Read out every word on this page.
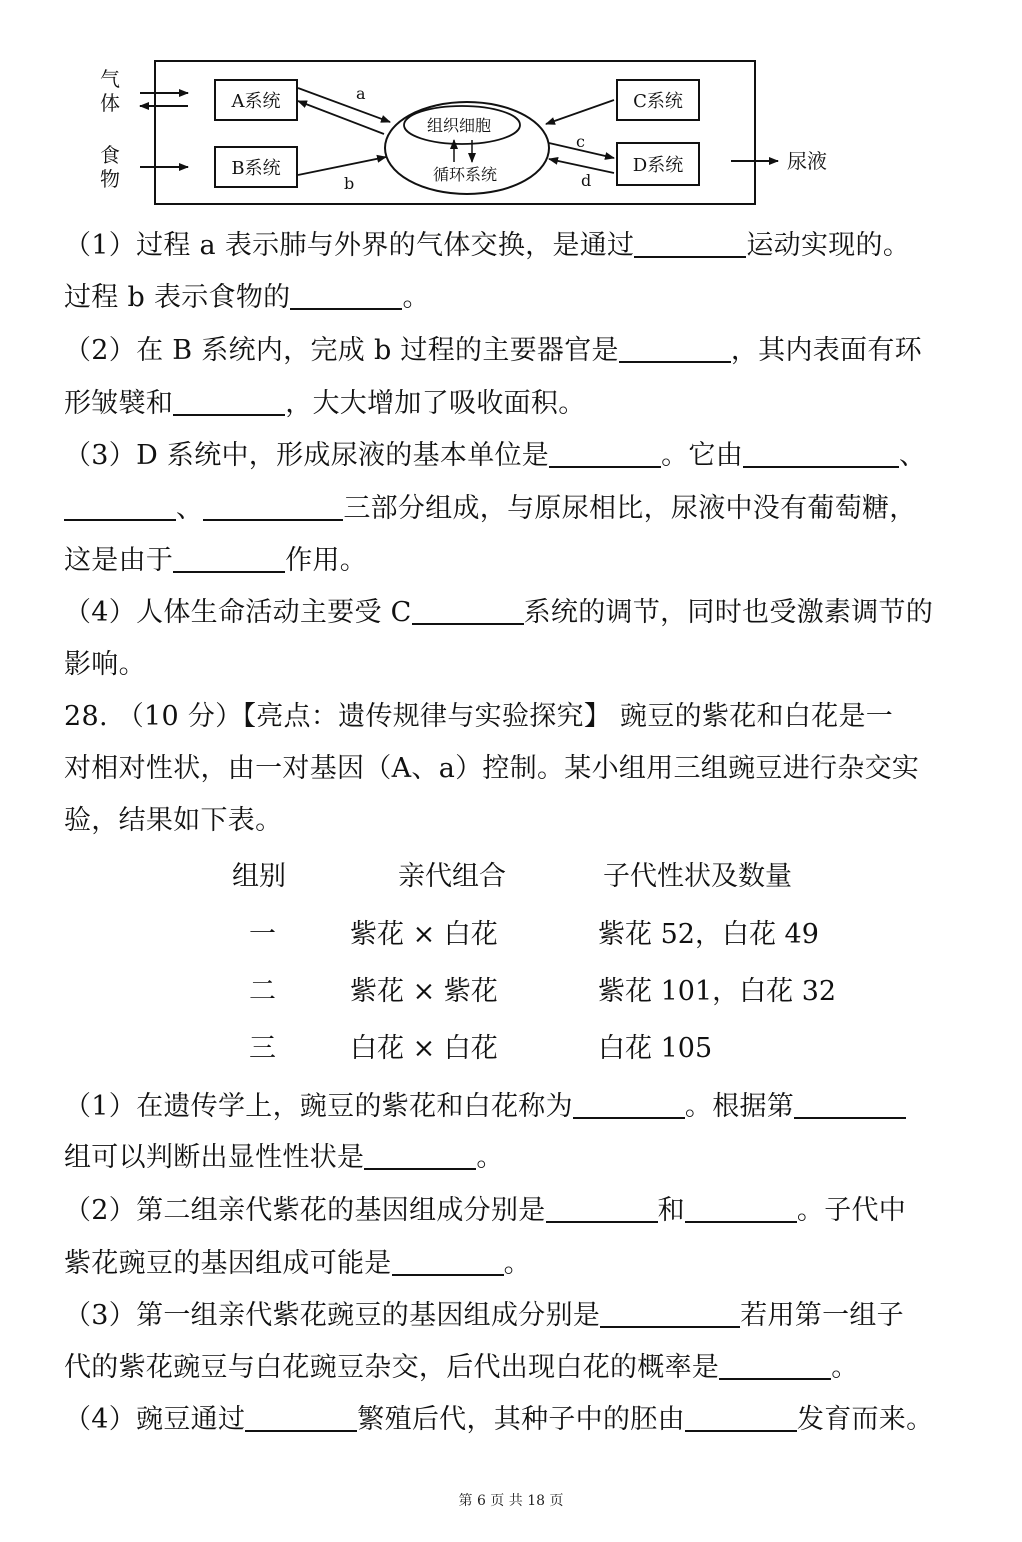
气
体
食
物
A系统
B系统
C系统
D系统
组织细胞
循环系统
a
b
c
d
尿液
（1）过程 a 表示肺与外界的气体交换，是通过	运动实现的。
过程 b 表示食物的	。
（2）在 B 系统内，完成 b 过程的主要器官是	，其内表面有环
形皱襞和	，大大增加了吸收面积。
（3）D 系统中，形成尿液的基本单位是	。它由	、
、	三部分组成，与原尿相比，尿液中没有葡萄糖，
这是由于	作用。
（4）人体生命活动主要受 C	系统的调节，同时也受激素调节的
影响。
28. （10 分）【亮点：遗传规律与实验探究】 豌豆的紫花和白花是一
对相对性状，由一对基因（A、a）控制。某小组用三组豌豆进行杂交实
验，结果如下表。
组别	亲代组合	子代性状及数量
一	紫花 × 白花	紫花 52，白花 49
二	紫花 × 紫花	紫花 101，白花 32
三	白花 × 白花	白花 105
（1）在遗传学上，豌豆的紫花和白花称为	。根据第
组可以判断出显性性状是	。
（2）第二组亲代紫花的基因组成分别是	和	。子代中
紫花豌豆的基因组成可能是	。
（3）第一组亲代紫花豌豆的基因组成分别是	若用第一组子
代的紫花豌豆与白花豌豆杂交，后代出现白花的概率是	。
（4）豌豆通过	繁殖后代，其种子中的胚由	发育而来。
第 6 页 共 18 页
